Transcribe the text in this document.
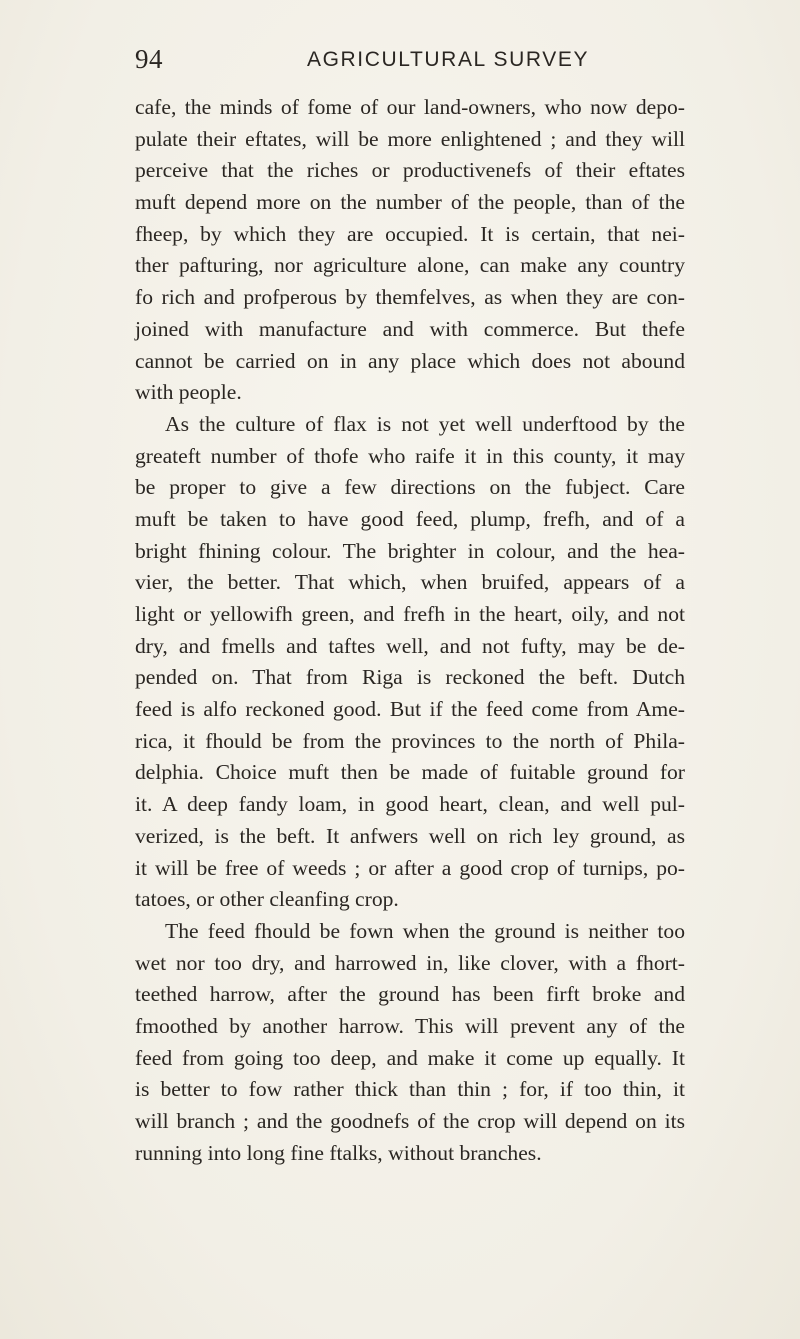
94	AGRICULTURAL SURVEY
cafe, the minds of fome of our land-owners, who now depo-
pulate their eftates, will be more enlightened ; and they will
perceive that the riches or productivenefs of their eftates
muft depend more on the number of the people, than of the
fheep, by which they are occupied. It is certain, that nei-
ther pafturing, nor agriculture alone, can make any country
fo rich and profperous by themfelves, as when they are con-
joined with manufacture and with commerce. But thefe
cannot be carried on in any place which does not abound
with people.
As the culture of flax is not yet well underftood by the
greateft number of thofe who raife it in this county, it may
be proper to give a few directions on the fubject. Care
muft be taken to have good feed, plump, frefh, and of a
bright fhining colour. The brighter in colour, and the hea-
vier, the better. That which, when bruifed, appears of a
light or yellowifh green, and frefh in the heart, oily, and not
dry, and fmells and taftes well, and not fufty, may be de-
pended on. That from Riga is reckoned the beft. Dutch
feed is alfo reckoned good. But if the feed come from Ame-
rica, it fhould be from the provinces to the north of Phila-
delphia. Choice muft then be made of fuitable ground for
it. A deep fandy loam, in good heart, clean, and well pul-
verized, is the beft. It anfwers well on rich ley ground, as
it will be free of weeds ; or after a good crop of turnips, po-
tatoes, or other cleanfing crop.
The feed fhould be fown when the ground is neither too
wet nor too dry, and harrowed in, like clover, with a fhort-
teethed harrow, after the ground has been firft broke and
fmoothed by another harrow. This will prevent any of the
feed from going too deep, and make it come up equally. It
is better to fow rather thick than thin ; for, if too thin, it
will branch ; and the goodnefs of the crop will depend on its
running into long fine ftalks, without branches.
